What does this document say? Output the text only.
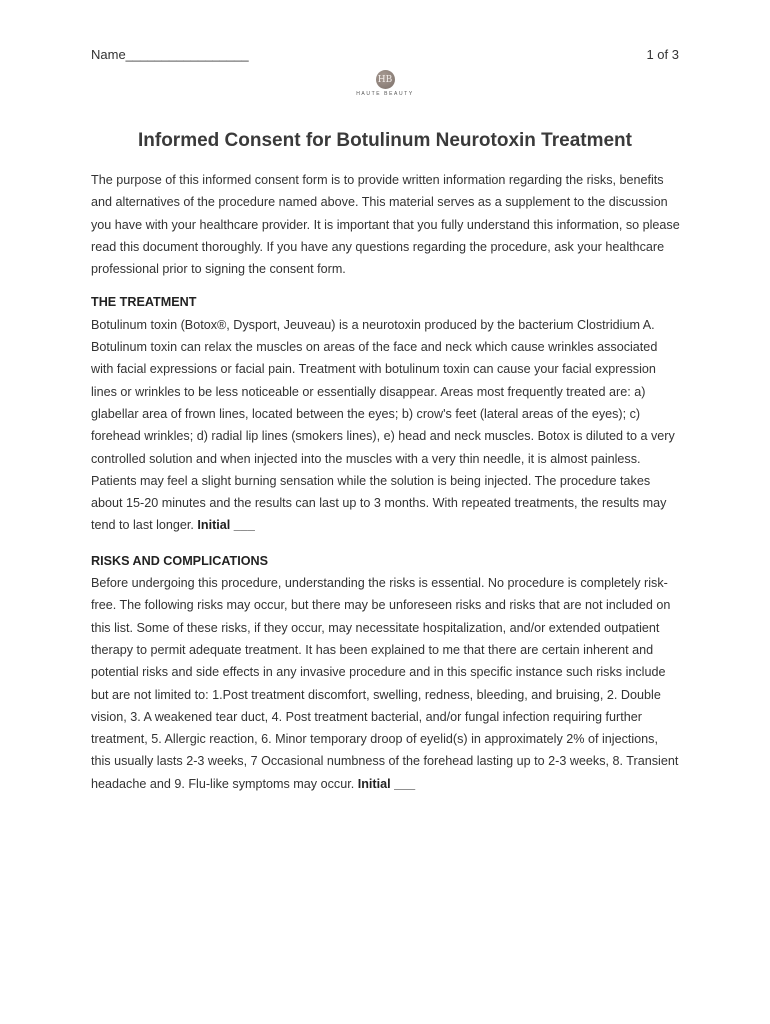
Name_________________	1 of 3
HB
HAUTE BEAUTY
Informed Consent for Botulinum Neurotoxin Treatment

The purpose of this informed consent form is to provide written information regarding the risks, benefits and alternatives of the procedure named above. This material serves as a supplement to the discussion you have with your healthcare provider. It is important that you fully understand this information, so please read this document thoroughly. If you have any questions regarding the procedure, ask your healthcare professional prior to signing the consent form.

THE TREATMENT

Botulinum toxin (Botox®, Dysport, Jeuveau) is a neurotoxin produced by the bacterium Clostridium A. Botulinum toxin can relax the muscles on areas of the face and neck which cause wrinkles associated with facial expressions or facial pain. Treatment with botulinum toxin can cause your facial expression lines or wrinkles to be less noticeable or essentially disappear. Areas most frequently treated are: a) glabellar area of frown lines, located between the eyes; b) crow's feet (lateral areas of the eyes); c) forehead wrinkles; d) radial lip lines (smokers lines), e) head and neck muscles. Botox is diluted to a very controlled solution and when injected into the muscles with a very thin needle, it is almost painless. Patients may feel a slight burning sensation while the solution is being injected. The procedure takes about 15-20 minutes and the results can last up to 3 months. With repeated treatments, the results may tend to last longer. Initial ___

RISKS AND COMPLICATIONS

Before undergoing this procedure, understanding the risks is essential. No procedure is completely risk-free. The following risks may occur, but there may be unforeseen risks and risks that are not included on this list. Some of these risks, if they occur, may necessitate hospitalization, and/or extended outpatient therapy to permit adequate treatment. It has been explained to me that there are certain inherent and potential risks and side effects in any invasive procedure and in this specific instance such risks include but are not limited to: 1.Post treatment discomfort, swelling, redness, bleeding, and bruising, 2. Double vision, 3. A weakened tear duct, 4. Post treatment bacterial, and/or fungal infection requiring further treatment, 5. Allergic reaction, 6. Minor temporary droop of eyelid(s) in approximately 2% of injections, this usually lasts 2-3 weeks, 7 Occasional numbness of the forehead lasting up to 2-3 weeks, 8. Transient headache and 9. Flu-like symptoms may occur. Initial ___
